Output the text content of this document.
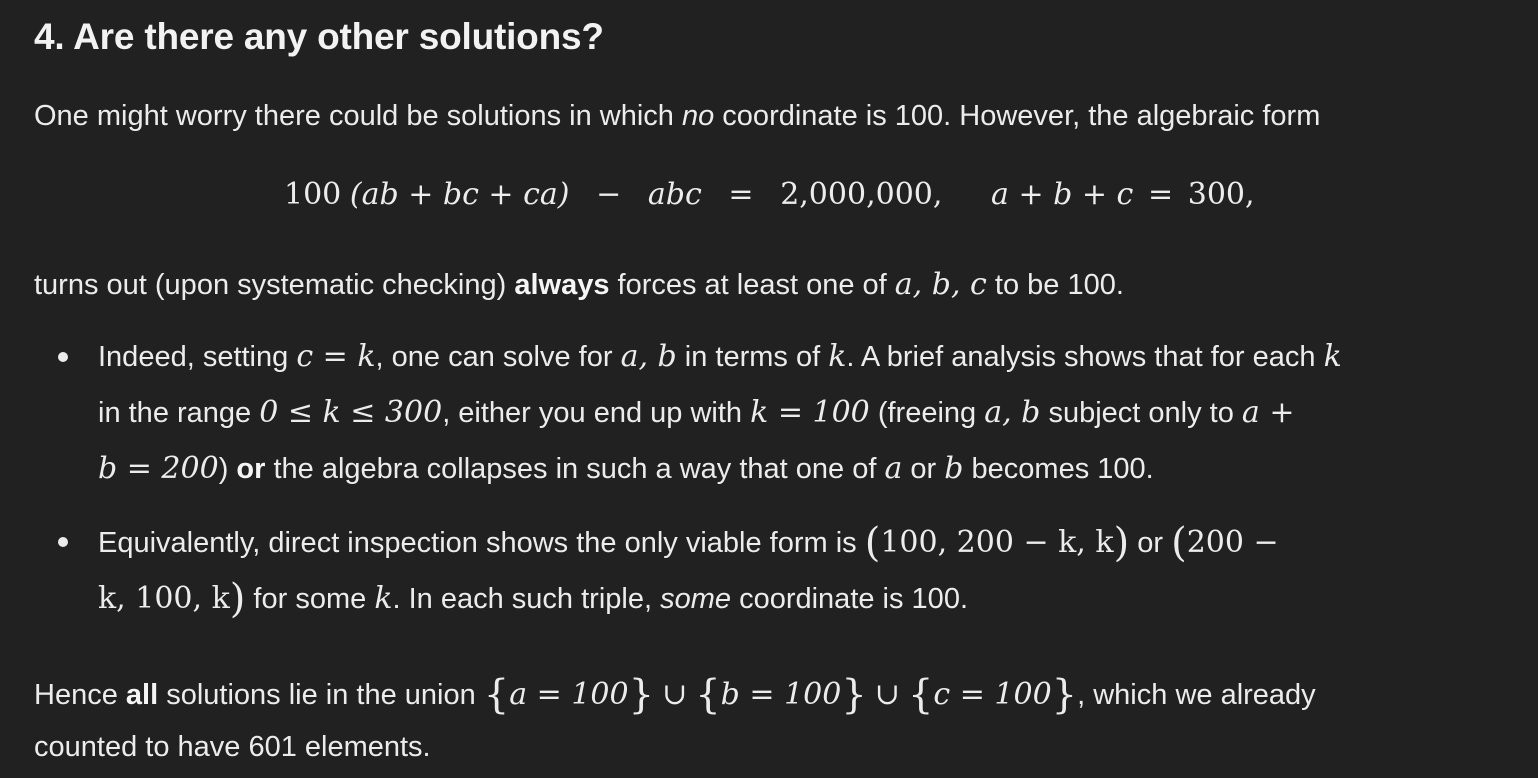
4. Are there any other solutions?
One might worry there could be solutions in which no coordinate is 100. However, the algebraic form
100 (ab + bc + ca) − abc = 2,000,000, a + b + c = 300,
turns out (upon systematic checking) always forces at least one of a, b, c to be 100.
Indeed, setting c = k, one can solve for a, b in terms of k. A brief analysis shows that for each k
in the range 0 ≤ k ≤ 300, either you end up with k = 100 (freeing a, b subject only to a +
b = 200) or the algebra collapses in such a way that one of a or b becomes 100.
Equivalently, direct inspection shows the only viable form is (100, 200 − k, k) or (200 −
k, 100, k) for some k. In each such triple, some coordinate is 100.
Hence all solutions lie in the union {a = 100} ∪ {b = 100} ∪ {c = 100}, which we already
counted to have 601 elements.
